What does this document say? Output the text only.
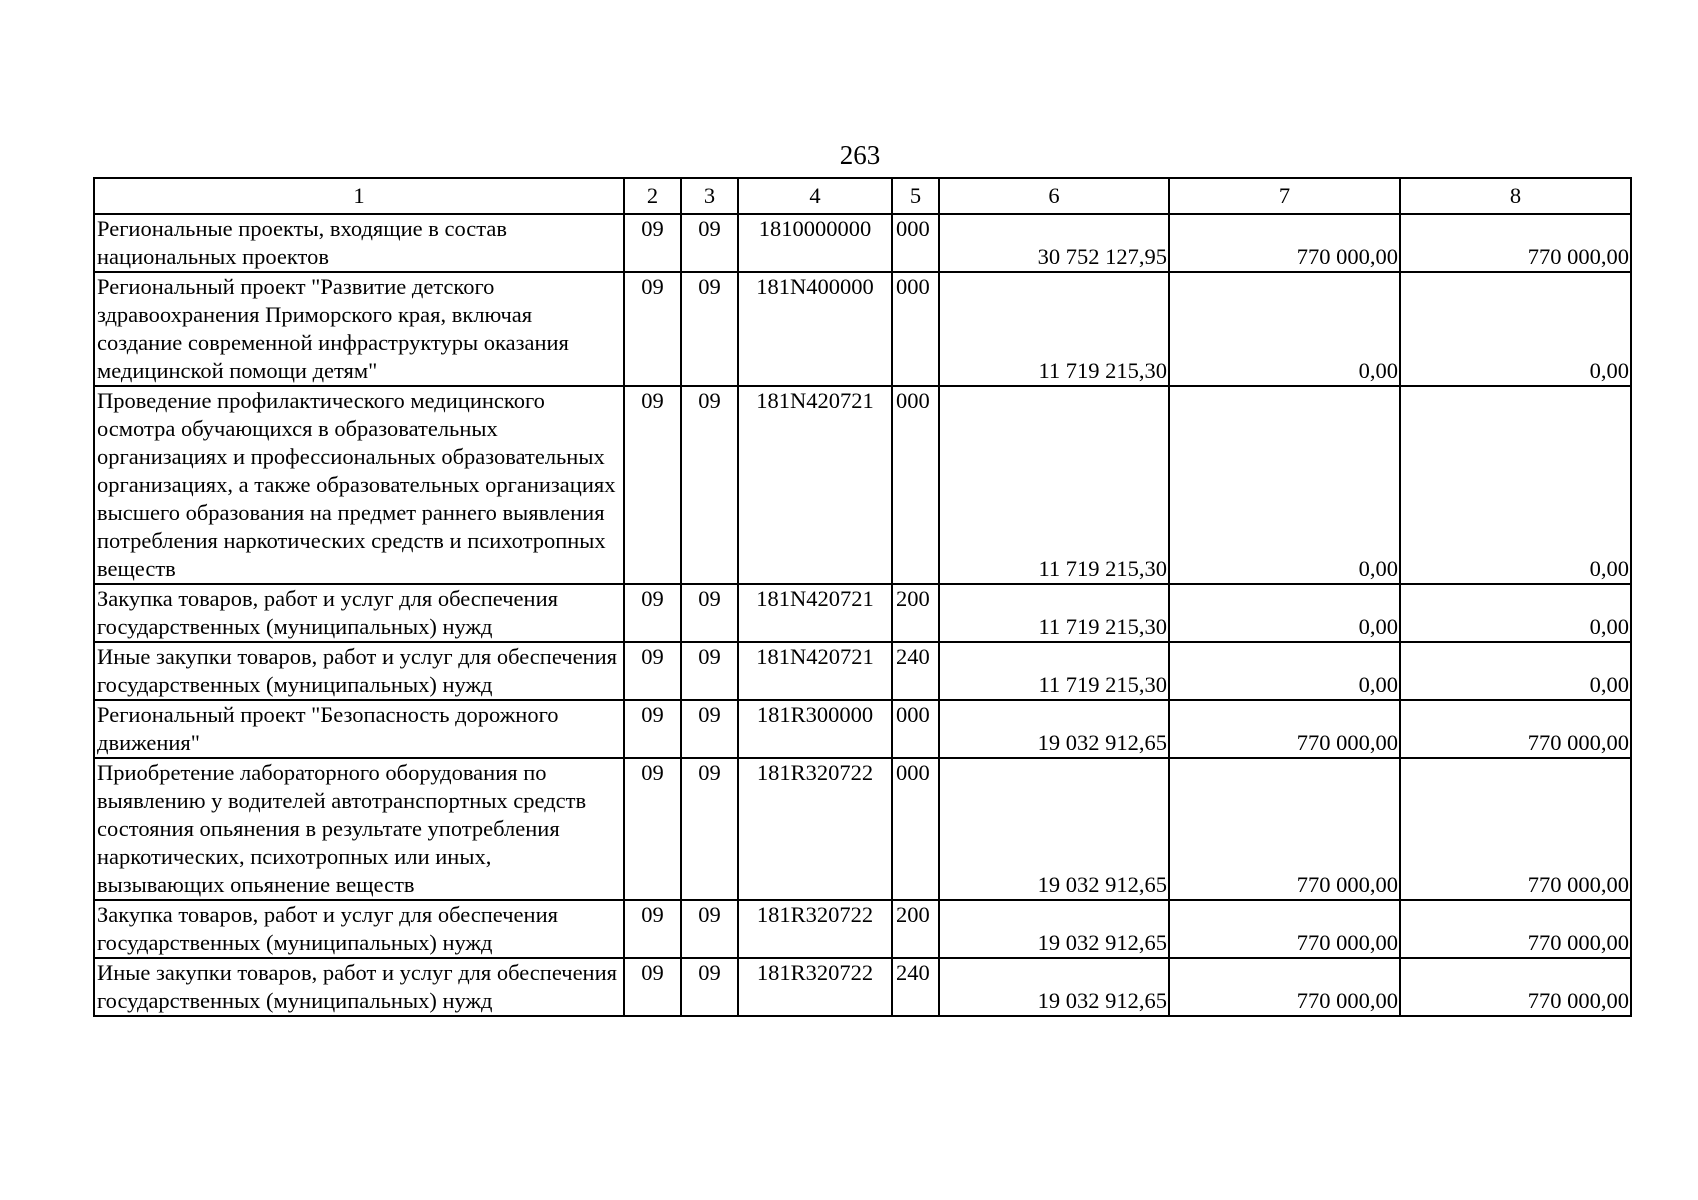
263
1	2	3	4	5	6	7	8
Региональные проекты, входящие в состав национальных проектов	09	09	1810000000	000	30 752 127,95	770 000,00	770 000,00
Региональный проект "Развитие детского здравоохранения Приморского края, включая создание современной инфраструктуры оказания медицинской помощи детям"	09	09	181N400000	000	11 719 215,30	0,00	0,00
Проведение профилактического медицинского осмотра обучающихся в образовательных организациях и профессиональных образовательных организациях, а также образовательных организациях высшего образования на предмет раннего выявления потребления наркотических средств и психотропных веществ	09	09	181N420721	000	11 719 215,30	0,00	0,00
Закупка товаров, работ и услуг для обеспечения государственных (муниципальных) нужд	09	09	181N420721	200	11 719 215,30	0,00	0,00
Иные закупки товаров, работ и услуг для обеспечения государственных (муниципальных) нужд	09	09	181N420721	240	11 719 215,30	0,00	0,00
Региональный проект "Безопасность дорожного движения"	09	09	181R300000	000	19 032 912,65	770 000,00	770 000,00
Приобретение лабораторного оборудования по выявлению у водителей автотранспортных средств состояния опьянения в результате употребления наркотических, психотропных или иных, вызывающих опьянение веществ	09	09	181R320722	000	19 032 912,65	770 000,00	770 000,00
Закупка товаров, работ и услуг для обеспечения государственных (муниципальных) нужд	09	09	181R320722	200	19 032 912,65	770 000,00	770 000,00
Иные закупки товаров, работ и услуг для обеспечения государственных (муниципальных) нужд	09	09	181R320722	240	19 032 912,65	770 000,00	770 000,00
